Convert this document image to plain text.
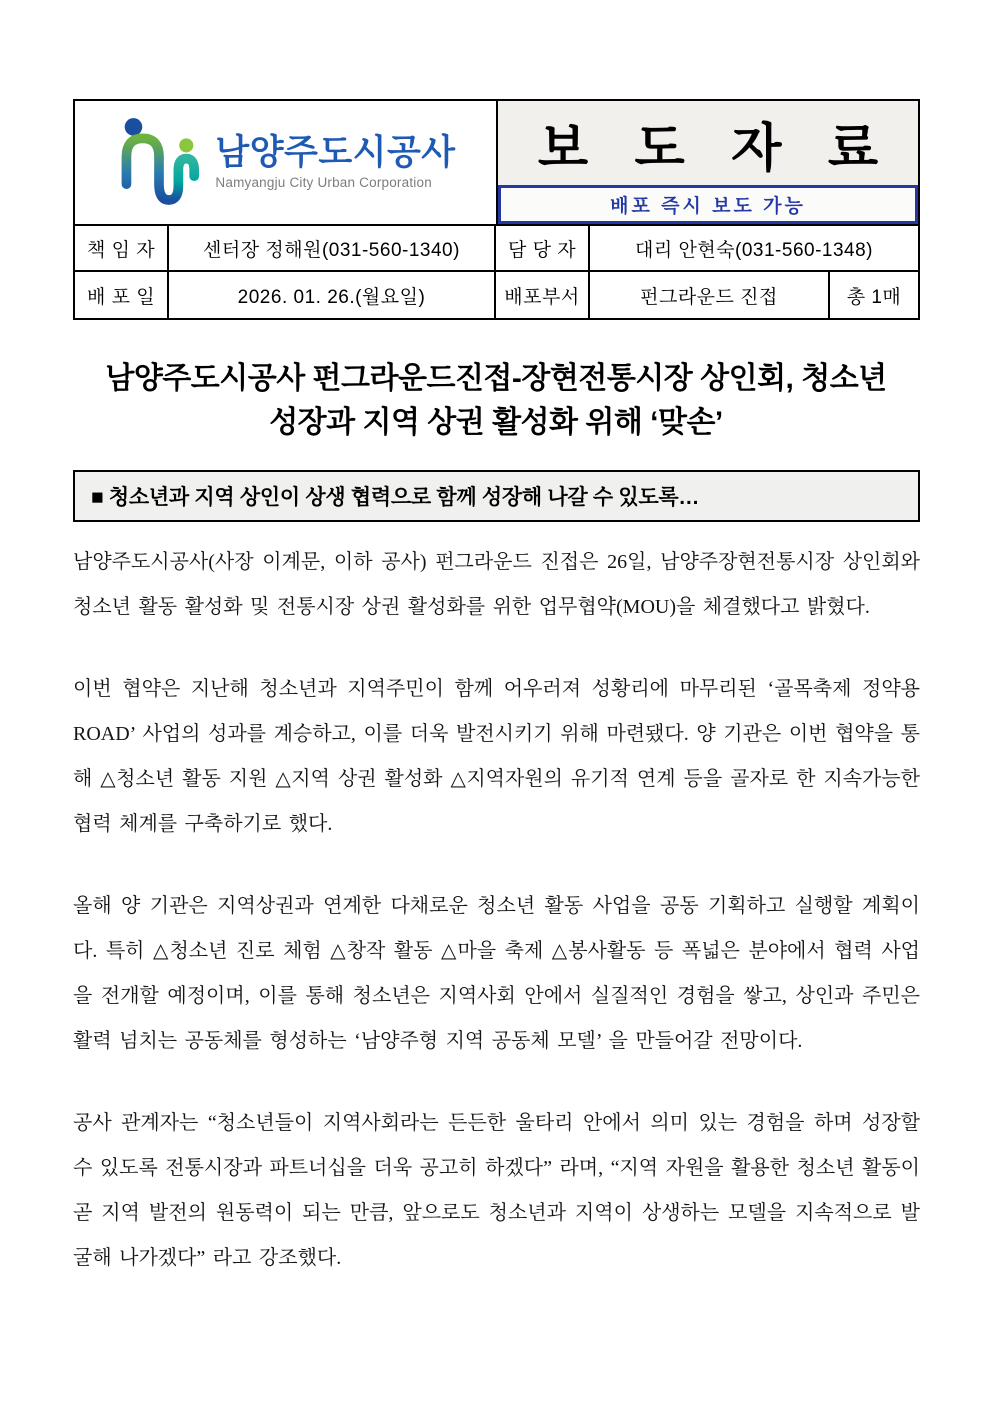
남양주도시공사
Namyangju City Urban Corporation
보 도 자 료
배포 즉시 보도 가능
책 임 자	센터장 정해원(031-560-1340)	담 당 자	대리 안현숙(031-560-1348)
배 포 일	2026. 01. 26.(월요일)	배포부서	펀그라운드 진접	총 1매
남양주도시공사 펀그라운드진접-장현전통시장 상인회, 청소년
성장과 지역 상권 활성화 위해 ‘맞손’
■ 청소년과 지역 상인이 상생 협력으로 함께 성장해 나갈 수 있도록…

남양주도시공사(사장 이계문, 이하 공사) 펀그라운드 진접은 26일, 남양주장현전통시장 상인회와 청소년 활동 활성화 및 전통시장 상권 활성화를 위한 업무협약(MOU)을 체결했다고 밝혔다.

이번 협약은 지난해 청소년과 지역주민이 함께 어우러져 성황리에 마무리된 ‘골목축제 정약용 ROAD’ 사업의 성과를 계승하고, 이를 더욱 발전시키기 위해 마련됐다. 양 기관은 이번 협약을 통해 △청소년 활동 지원 △지역 상권 활성화 △지역자원의 유기적 연계 등을 골자로 한 지속가능한 협력 체계를 구축하기로 했다.

올해 양 기관은 지역상권과 연계한 다채로운 청소년 활동 사업을 공동 기획하고 실행할 계획이다. 특히 △청소년 진로 체험 △창작 활동 △마을 축제 △봉사활동 등 폭넓은 분야에서 협력 사업을 전개할 예정이며, 이를 통해 청소년은 지역사회 안에서 실질적인 경험을 쌓고, 상인과 주민은 활력 넘치는 공동체를 형성하는 ‘남양주형 지역 공동체 모델’ 을 만들어갈 전망이다.

공사 관계자는 “청소년들이 지역사회라는 든든한 울타리 안에서 의미 있는 경험을 하며 성장할 수 있도록 전통시장과 파트너십을 더욱 공고히 하겠다” 라며, “지역 자원을 활용한 청소년 활동이 곧 지역 발전의 원동력이 되는 만큼, 앞으로도 청소년과 지역이 상생하는 모델을 지속적으로 발굴해 나가겠다” 라고 강조했다.
